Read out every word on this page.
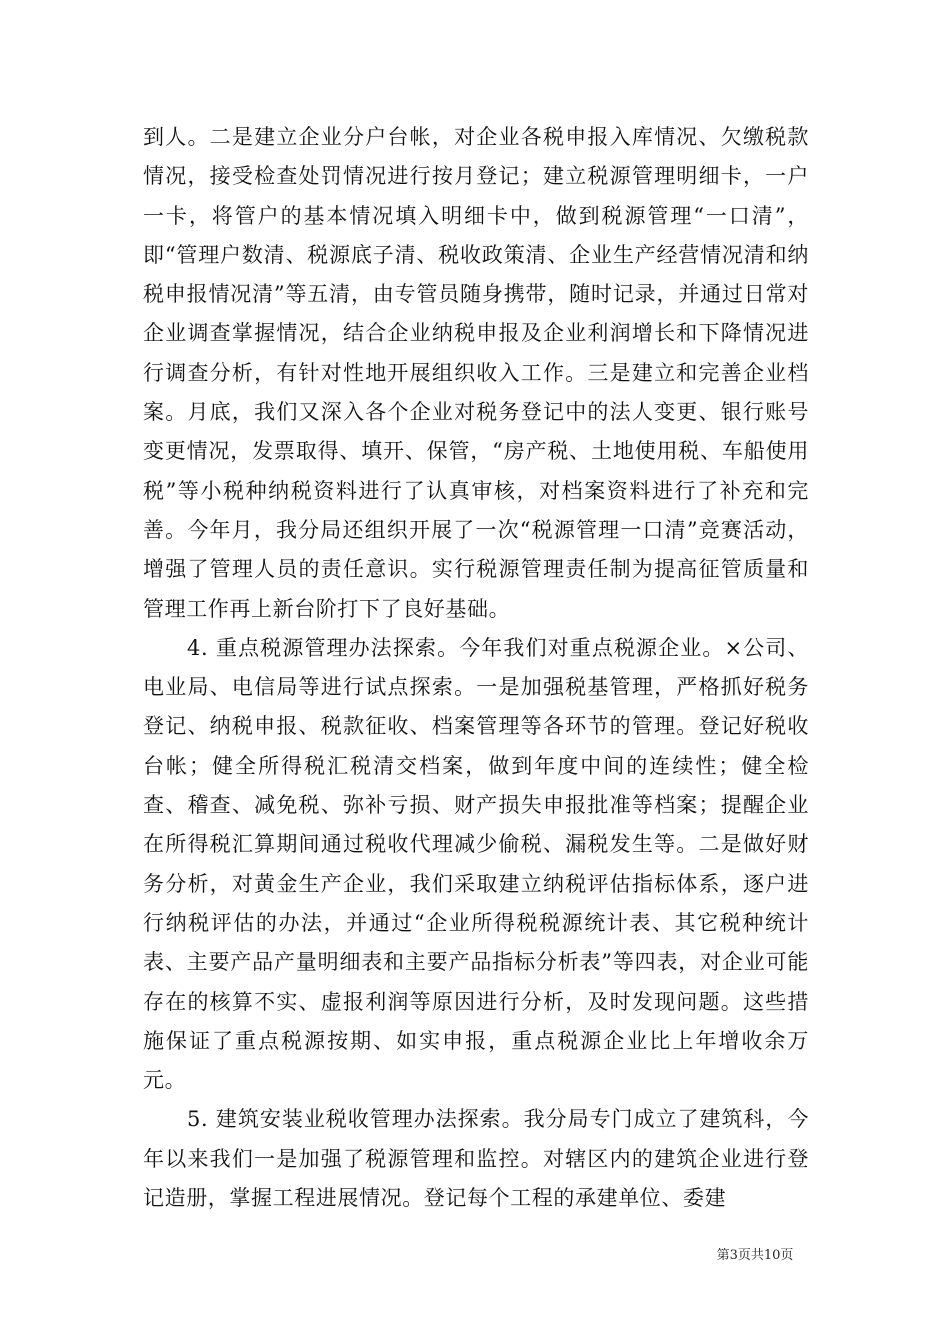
到人。二是建立企业分户台帐，对企业各税申报入库情况、欠缴税款情况，接受检查处罚情况进行按月登记；建立税源管理明细卡，一户一卡，将管户的基本情况填入明细卡中，做到税源管理“一口清”，即“管理户数清、税源底子清、税收政策清、企业生产经营情况清和纳税申报情况清”等五清，由专管员随身携带，随时记录，并通过日常对企业调查掌握情况，结合企业纳税申报及企业利润增长和下降情况进行调查分析，有针对性地开展组织收入工作。三是建立和完善企业档案。月底，我们又深入各个企业对税务登记中的法人变更、银行账号变更情况，发票取得、填开、保管，“房产税、土地使用税、车船使用税”等小税种纳税资料进行了认真审核，对档案资料进行了补充和完善。今年月，我分局还组织开展了一次“税源管理一口清”竞赛活动，增强了管理人员的责任意识。实行税源管理责任制为提高征管质量和管理工作再上新台阶打下了良好基础。

4. 重点税源管理办法探索。今年我们对重点税源企业。×公司、电业局、电信局等进行试点探索。一是加强税基管理，严格抓好税务登记、纳税申报、税款征收、档案管理等各环节的管理。登记好税收台帐；健全所得税汇税清交档案，做到年度中间的连续性；健全检查、稽查、减免税、弥补亏损、财产损失申报批准等档案；提醒企业在所得税汇算期间通过税收代理减少偷税、漏税发生等。二是做好财务分析，对黄金生产企业，我们采取建立纳税评估指标体系，逐户进行纳税评估的办法，并通过“企业所得税税源统计表、其它税种统计表、主要产品产量明细表和主要产品指标分析表”等四表，对企业可能存在的核算不实、虚报利润等原因进行分析，及时发现问题。这些措施保证了重点税源按期、如实申报，重点税源企业比上年增收余万元。

5. 建筑安装业税收管理办法探索。我分局专门成立了建筑科，今年以来我们一是加强了税源管理和监控。对辖区内的建筑企业进行登记造册，掌握工程进展情况。登记每个工程的承建单位、委建

第3页共10页
